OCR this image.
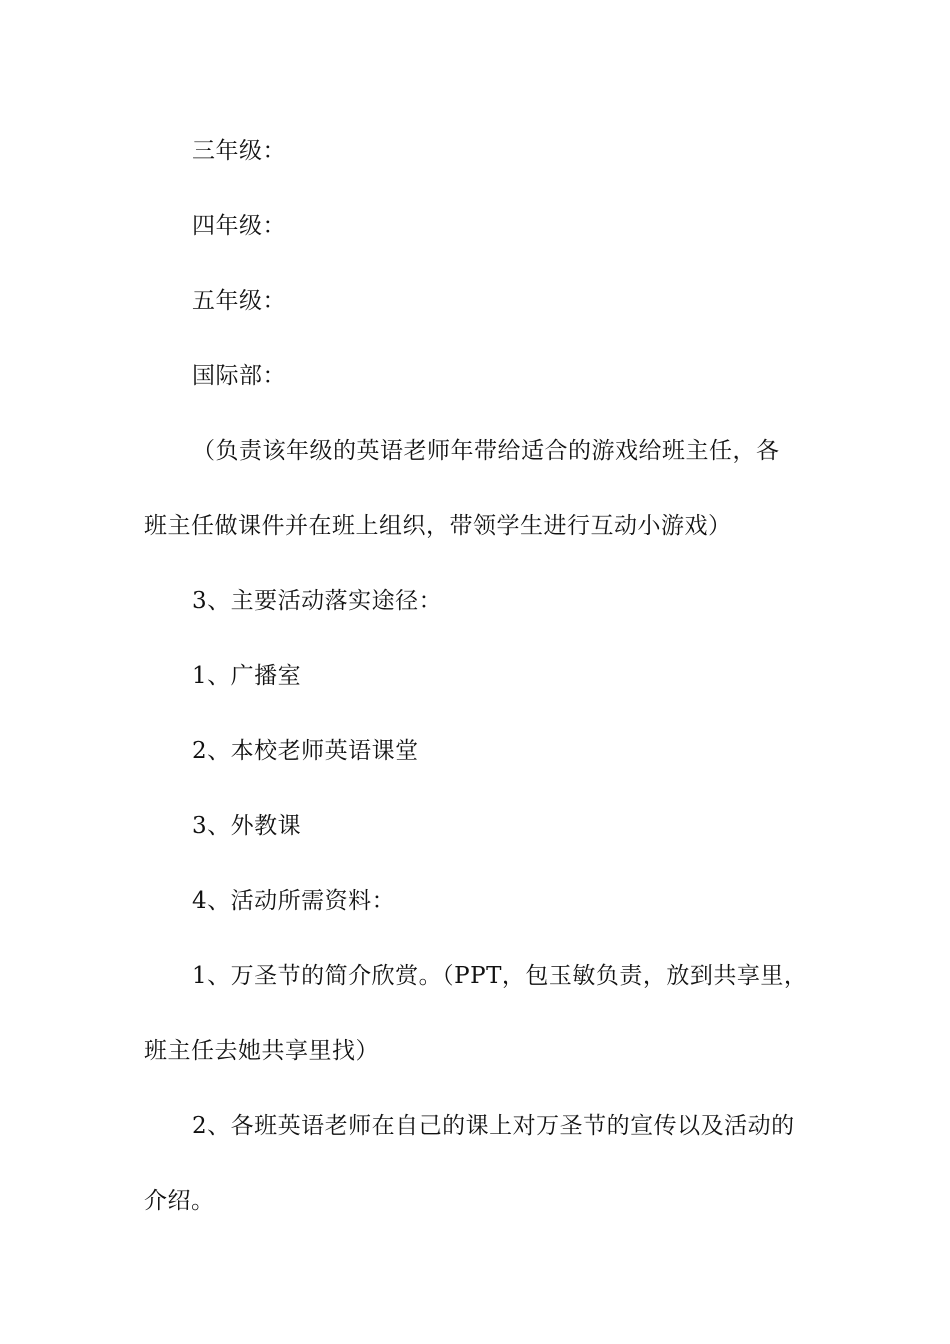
三年级：
四年级：
五年级：
国际部：
（负责该年级的英语老师年带给适合的游戏给班主任，各
班主任做课件并在班上组织，带领学生进行互动小游戏）
3、主要活动落实途径：
1、广播室
2、本校老师英语课堂
3、外教课
4、活动所需资料：
1、万圣节的简介欣赏。（PPT，包玉敏负责，放到共享里，
班主任去她共享里找）
2、各班英语老师在自己的课上对万圣节的宣传以及活动的
介绍。
